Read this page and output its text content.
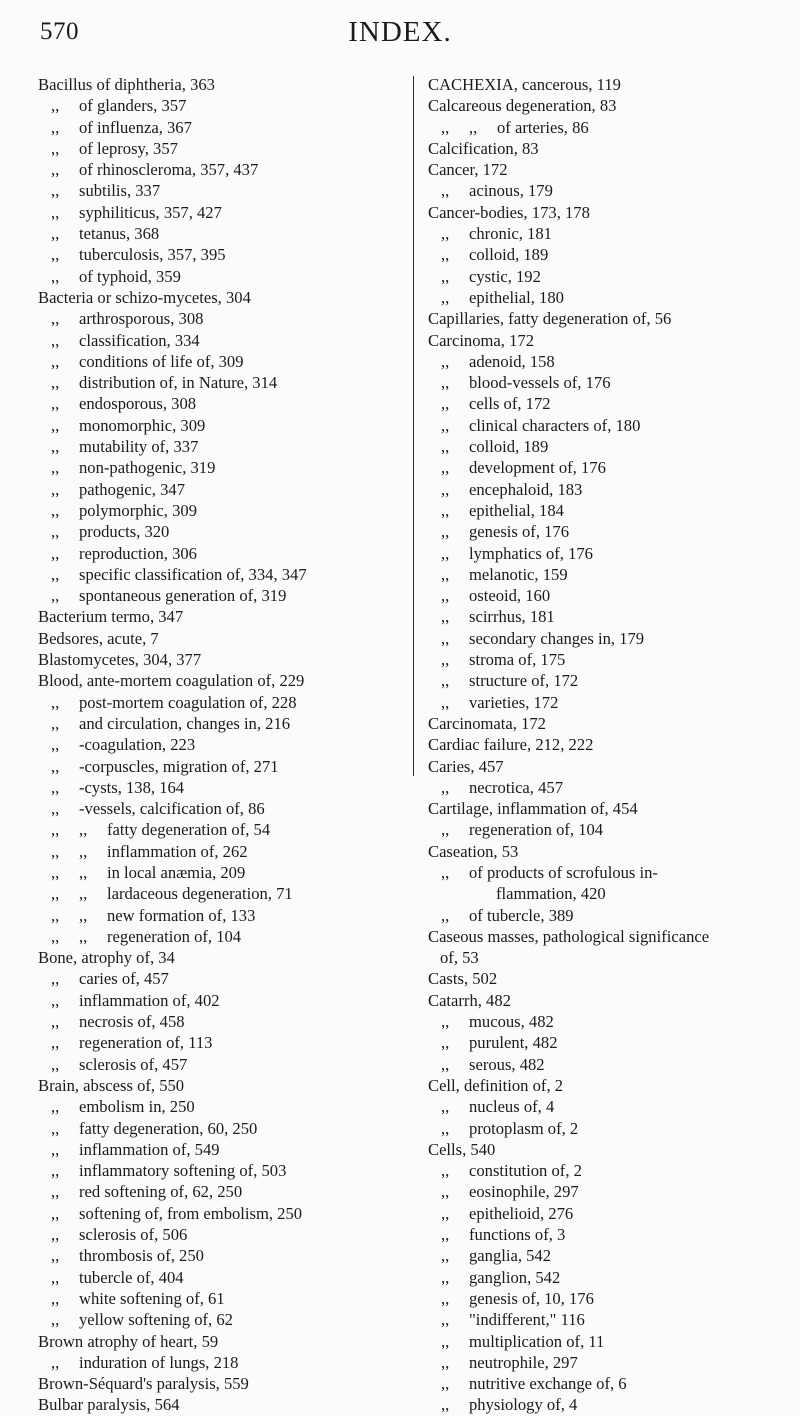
570	INDEX.
Bacillus of diphtheria, 363
,, of glanders, 357
,, of influenza, 367
,, of leprosy, 357
,, of rhinoscleroma, 357, 437
,, subtilis, 337
,, syphiliticus, 357, 427
,, tetanus, 368
,, tuberculosis, 357, 395
,, of typhoid, 359
Bacteria or schizo-mycetes, 304
,, arthrosporous, 308
,, classification, 334
,, conditions of life of, 309
,, distribution of, in Nature, 314
,, endosporous, 308
,, monomorphic, 309
,, mutability of, 337
,, non-pathogenic, 319
,, pathogenic, 347
,, polymorphic, 309
,, products, 320
,, reproduction, 306
,, specific classification of, 334, 347
,, spontaneous generation of, 319
Bacterium termo, 347
Bedsores, acute, 7
Blastomycetes, 304, 377
Blood, ante-mortem coagulation of, 229
,, post-mortem coagulation of, 228
,, and circulation, changes in, 216
,, -coagulation, 223
,, -corpuscles, migration of, 271
,, -cysts, 138, 164
,, -vessels, calcification of, 86
,, ,, fatty degeneration of, 54
,, ,, inflammation of, 262
,, ,, in local anæmia, 209
,, ,, lardaceous degeneration, 71
,, ,, new formation of, 133
,, ,, regeneration of, 104
Bone, atrophy of, 34
,, caries of, 457
,, inflammation of, 402
,, necrosis of, 458
,, regeneration of, 113
,, sclerosis of, 457
Brain, abscess of, 550
,, embolism in, 250
,, fatty degeneration, 60, 250
,, inflammation of, 549
,, inflammatory softening of, 503
,, red softening of, 62, 250
,, softening of, from embolism, 250
,, sclerosis of, 506
,, thrombosis of, 250
,, tubercle of, 404
,, white softening of, 61
,, yellow softening of, 62
Brown atrophy of heart, 59
,, induration of lungs, 218
Brown-Séquard's paralysis, 559
Bulbar paralysis, 564
CACHEXIA, cancerous, 119
Calcareous degeneration, 83
,, ,, of arteries, 86
Calcification, 83
Cancer, 172
,, acinous, 179
Cancer-bodies, 173, 178
,, chronic, 181
,, colloid, 189
,, cystic, 192
,, epithelial, 180
Capillaries, fatty degeneration of, 56
Carcinoma, 172
,, adenoid, 158
,, blood-vessels of, 176
,, cells of, 172
,, clinical characters of, 180
,, colloid, 189
,, development of, 176
,, encephaloid, 183
,, epithelial, 184
,, genesis of, 176
,, lymphatics of, 176
,, melanotic, 159
,, osteoid, 160
,, scirrhus, 181
,, secondary changes in, 179
,, stroma of, 175
,, structure of, 172
,, varieties, 172
Carcinomata, 172
Cardiac failure, 212, 222
Caries, 457
,, necrotica, 457
Cartilage, inflammation of, 454
,, regeneration of, 104
Caseation, 53
,, of products of scrofulous in-
flammation, 420
,, of tubercle, 389
Caseous masses, pathological significance
of, 53
Casts, 502
Catarrh, 482
,, mucous, 482
,, purulent, 482
,, serous, 482
Cell, definition of, 2
,, nucleus of, 4
,, protoplasm of, 2
Cells, 540
,, constitution of, 2
,, eosinophile, 297
,, epithelioid, 276
,, functions of, 3
,, ganglia, 542
,, ganglion, 542
,, genesis of, 10, 176
,, "indifferent," 116
,, multiplication of, 11
,, neutrophile, 297
,, nutritive exchange of, 6
,, physiology of, 4
